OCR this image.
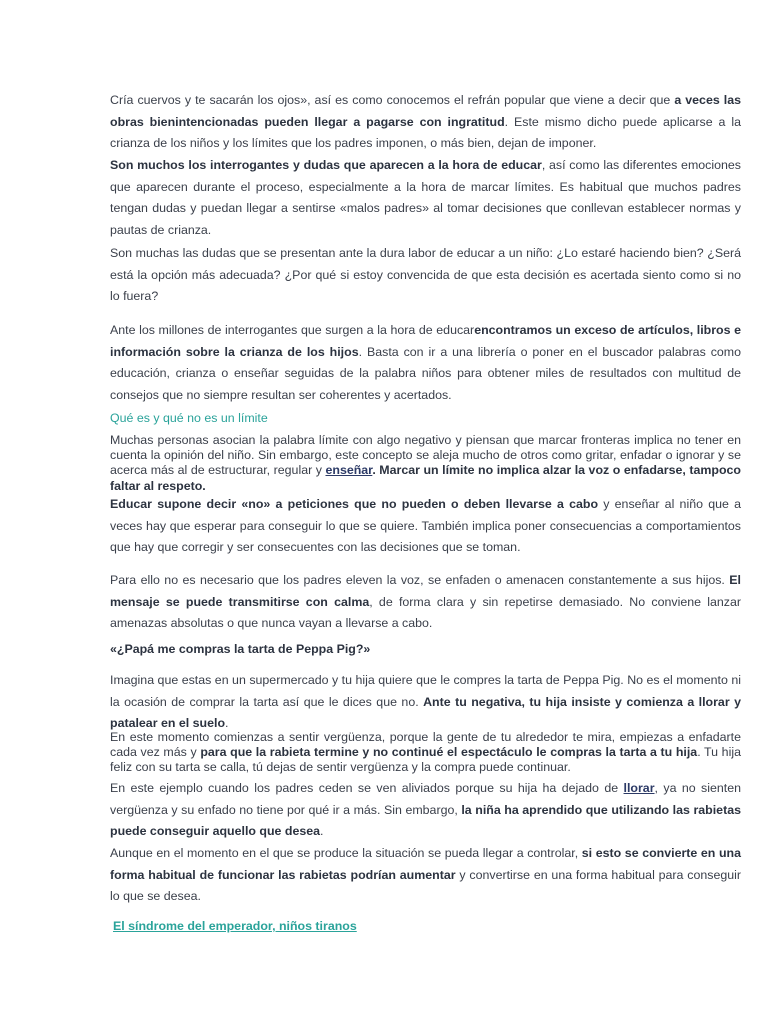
Cría cuervos y te sacarán los ojos», así es como conocemos el refrán popular que viene a decir que a veces las obras bienintencionadas pueden llegar a pagarse con ingratitud. Este mismo dicho puede aplicarse a la crianza de los niños y los límites que los padres imponen, o más bien, dejan de imponer.

Son muchos los interrogantes y dudas que aparecen a la hora de educar, así como las diferentes emociones que aparecen durante el proceso, especialmente a la hora de marcar límites. Es habitual que muchos padres tengan dudas y puedan llegar a sentirse «malos padres» al tomar decisiones que conllevan establecer normas y pautas de crianza.

Son muchas las dudas que se presentan ante la dura labor de educar a un niño: ¿Lo estaré haciendo bien? ¿Será está la opción más adecuada? ¿Por qué si estoy convencida de que esta decisión es acertada siento como si no lo fuera?

Ante los millones de interrogantes que surgen a la hora de educarencontramos un exceso de artículos, libros e información sobre la crianza de los hijos. Basta con ir a una librería o poner en el buscador palabras como educación, crianza o enseñar seguidas de la palabra niños para obtener miles de resultados con multitud de consejos que no siempre resultan ser coherentes y acertados.

Qué es y qué no es un límite

Muchas personas asocian la palabra límite con algo negativo y piensan que marcar fronteras implica no tener en cuenta la opinión del niño. Sin embargo, este concepto se aleja mucho de otros como gritar, enfadar o ignorar y se acerca más al de estructurar, regular y enseñar. Marcar un límite no implica alzar la voz o enfadarse, tampoco faltar al respeto.

Educar supone decir «no» a peticiones que no pueden o deben llevarse a cabo y enseñar al niño que a veces hay que esperar para conseguir lo que se quiere. También implica poner consecuencias a comportamientos que hay que corregir y ser consecuentes con las decisiones que se toman.

Para ello no es necesario que los padres eleven la voz, se enfaden o amenacen constantemente a sus hijos. El mensaje se puede transmitirse con calma, de forma clara y sin repetirse demasiado. No conviene lanzar amenazas absolutas o que nunca vayan a llevarse a cabo.

«¿Papá me compras la tarta de Peppa Pig?»

Imagina que estas en un supermercado y tu hija quiere que le compres la tarta de Peppa Pig. No es el momento ni la ocasión de comprar la tarta así que le dices que no. Ante tu negativa, tu hija insiste y comienza a llorar y patalear en el suelo.

En este momento comienzas a sentir vergüenza, porque la gente de tu alrededor te mira, empiezas a enfadarte cada vez más y para que la rabieta termine y no continué el espectáculo le compras la tarta a tu hija. Tu hija feliz con su tarta se calla, tú dejas de sentir vergüenza y la compra puede continuar.

En este ejemplo cuando los padres ceden se ven aliviados porque su hija ha dejado de llorar, ya no sienten vergüenza y su enfado no tiene por qué ir a más. Sin embargo, la niña ha aprendido que utilizando las rabietas puede conseguir aquello que desea.

Aunque en el momento en el que se produce la situación se pueda llegar a controlar, si esto se convierte en una forma habitual de funcionar las rabietas podrían aumentar y convertirse en una forma habitual para conseguir lo que se desea.

El síndrome del emperador, niños tiranos
